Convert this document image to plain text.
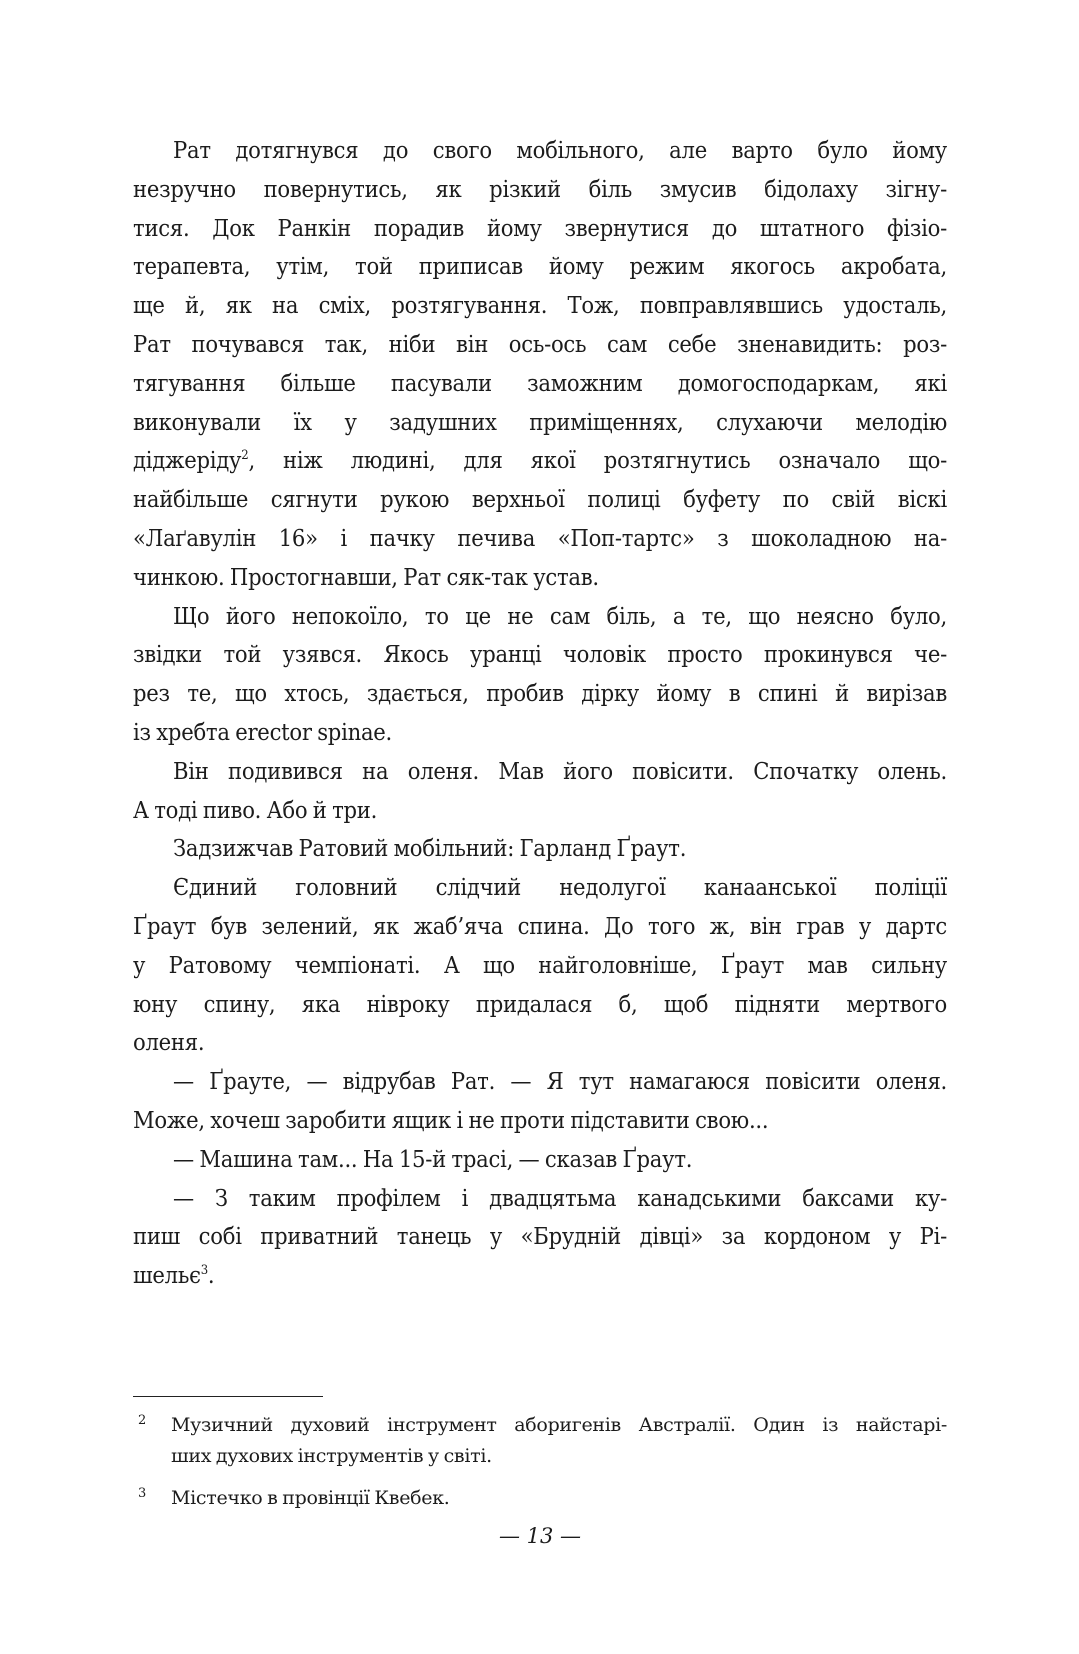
Рат дотягнувся до свого мобільного, але варто було йому
незручно повернутись, як різкий біль змусив бідолаху зігну-
тися. Док Ранкін порадив йому звернутися до штатного фізіо-
терапевта, утім, той приписав йому режим якогось акробата,
ще й, як на сміх, розтягування. Тож, повправлявшись удосталь,
Рат почувався так, ніби він ось-ось сам себе зненавидить: роз-
тягування більше пасували заможним домогосподаркам, які
виконували їх у задушних приміщеннях, слухаючи мелодію
діджеріду$^2$, ніж людині, для якої розтягнутись означало що-
найбільше сягнути рукою верхньої полиці буфету по свій віскі
«Лаґавулін 16» і пачку печива «Поп-тартс» з шоколадною на-
чинкою. Простогнавши, Рат сяк-так устав.
Що його непокоїло, то це не сам біль, а те, що неясно було,
звідки той узявся. Якось уранці чоловік просто прокинувся че-
рез те, що хтось, здається, пробив дірку йому в спині й вирізав
із хребта erector spinae.
Він подивився на оленя. Мав його повісити. Спочатку олень.
А тоді пиво. Або й три.
Задзижчав Ратовий мобільний: Гарланд Ґраут.
Єдиний головний слідчий недолугої канаанської поліції
Ґраут був зелений, як жаб’яча спина. До того ж, він грав у дартс
у Ратовому чемпіонаті. А що найголовніше, Ґраут мав сильну
юну спину, яка нівроку придалася б, щоб підняти мертвого
оленя.
— Ґрауте, — відрубав Рат. — Я тут намагаюся повісити оленя.
Може, хочеш заробити ящик і не проти підставити свою...
— Машина там... На 15-й трасі, — сказав Ґраут.
— З таким профілем і двадцятьма канадськими баксами ку-
пиш собі приватний танець у «Брудній дівці» за кордоном у Рі-
шельє$^3$.
2	Музичний духовий інструмент аборигенів Австралії. Один із найстарі-
ших духових інструментів у світі.
3	Містечко в провінції Квебек.
— 13 —
